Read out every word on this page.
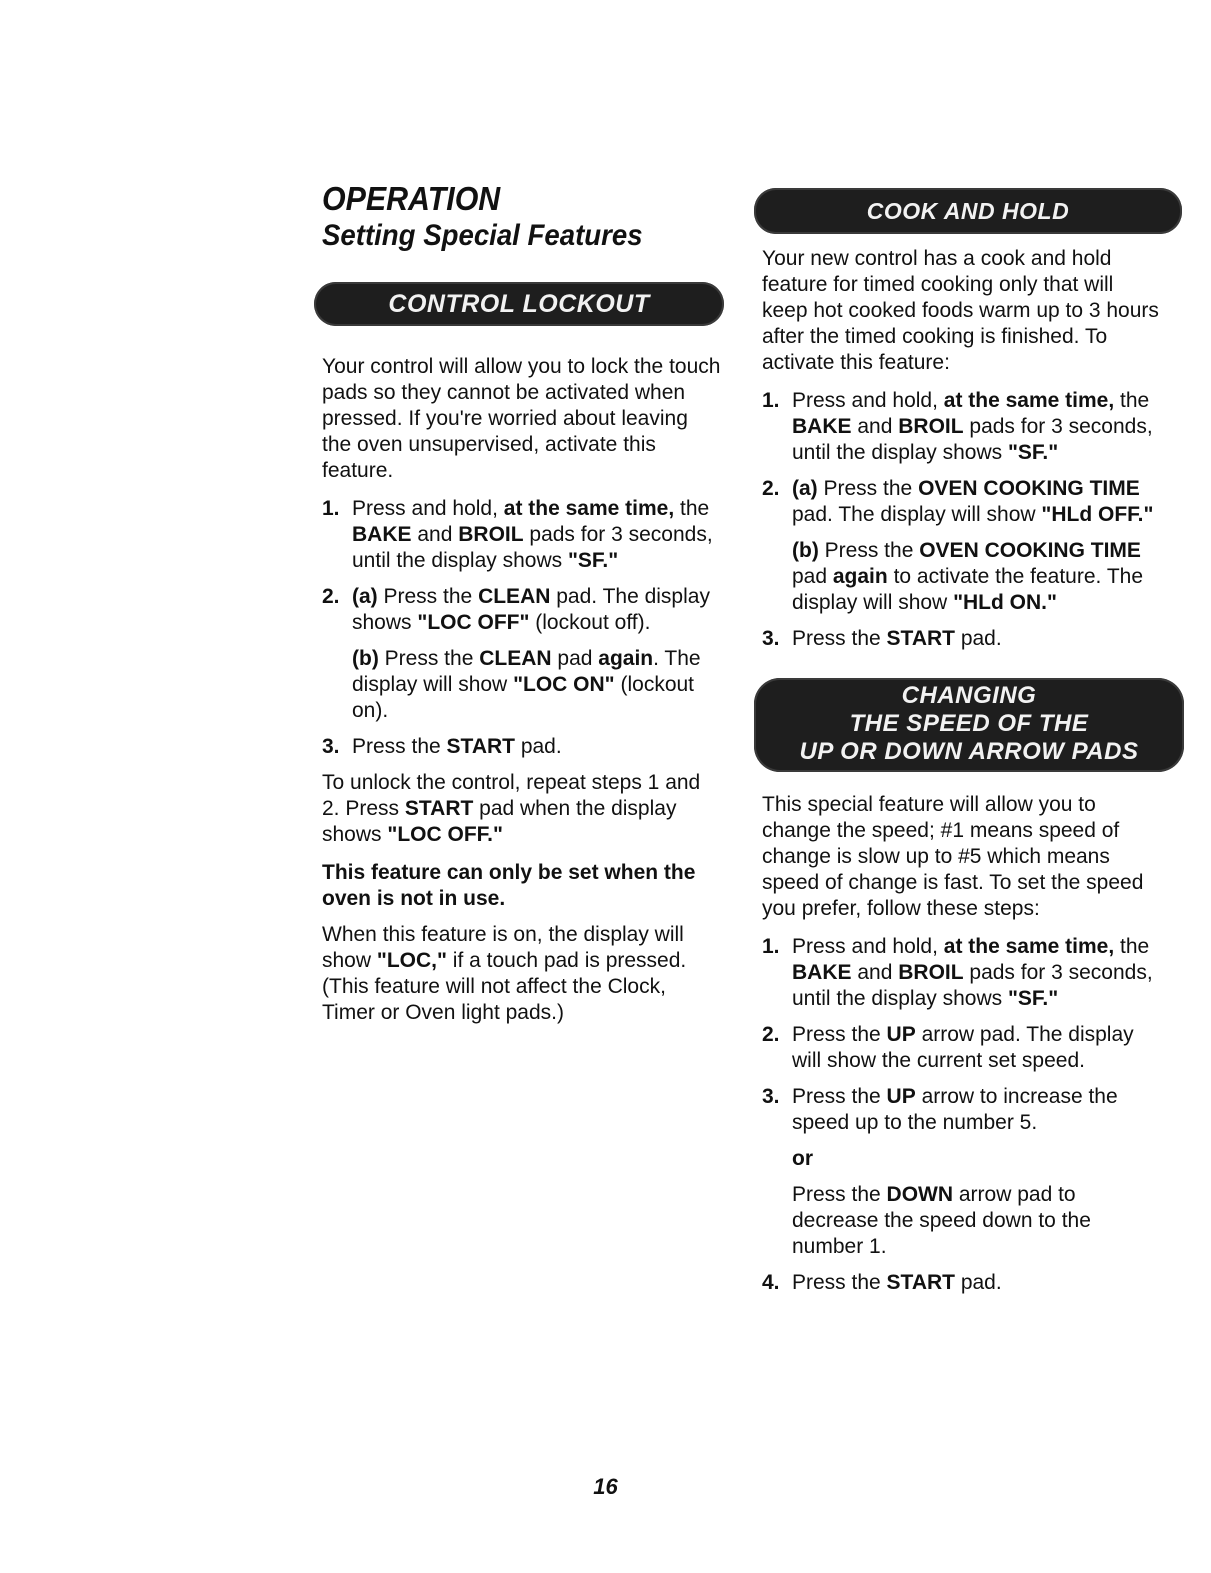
OPERATION
Setting Special Features
CONTROL LOCKOUT

Your control will allow you to lock the touch pads so they cannot be activated when pressed. If you're worried about leaving the oven unsupervised, activate this feature.

1. Press and hold, at the same time, the BAKE and BROIL pads for 3 seconds, until the display shows "SF."

2. (a) Press the CLEAN pad. The display shows "LOC OFF" (lockout off).

(b) Press the CLEAN pad again. The display will show "LOC ON" (lockout on).

3. Press the START pad.

To unlock the control, repeat steps 1 and 2. Press START pad when the display shows "LOC OFF."

This feature can only be set when the oven is not in use.

When this feature is on, the display will show "LOC," if a touch pad is pressed. (This feature will not affect the Clock, Timer or Oven light pads.)

COOK AND HOLD

Your new control has a cook and hold feature for timed cooking only that will keep hot cooked foods warm up to 3 hours after the timed cooking is finished. To activate this feature:

1. Press and hold, at the same time, the BAKE and BROIL pads for 3 seconds, until the display shows "SF."

2. (a) Press the OVEN COOKING TIME pad. The display will show "HLd OFF."

(b) Press the OVEN COOKING TIME pad again to activate the feature. The display will show "HLd ON."

3. Press the START pad.

CHANGING
THE SPEED OF THE
UP OR DOWN ARROW PADS

This special feature will allow you to change the speed; #1 means speed of change is slow up to #5 which means speed of change is fast. To set the speed you prefer, follow these steps:

1. Press and hold, at the same time, the BAKE and BROIL pads for 3 seconds, until the display shows "SF."

2. Press the UP arrow pad. The display will show the current set speed.

3. Press the UP arrow to increase the speed up to the number 5.

or

Press the DOWN arrow pad to decrease the speed down to the number 1.

4. Press the START pad.

16
